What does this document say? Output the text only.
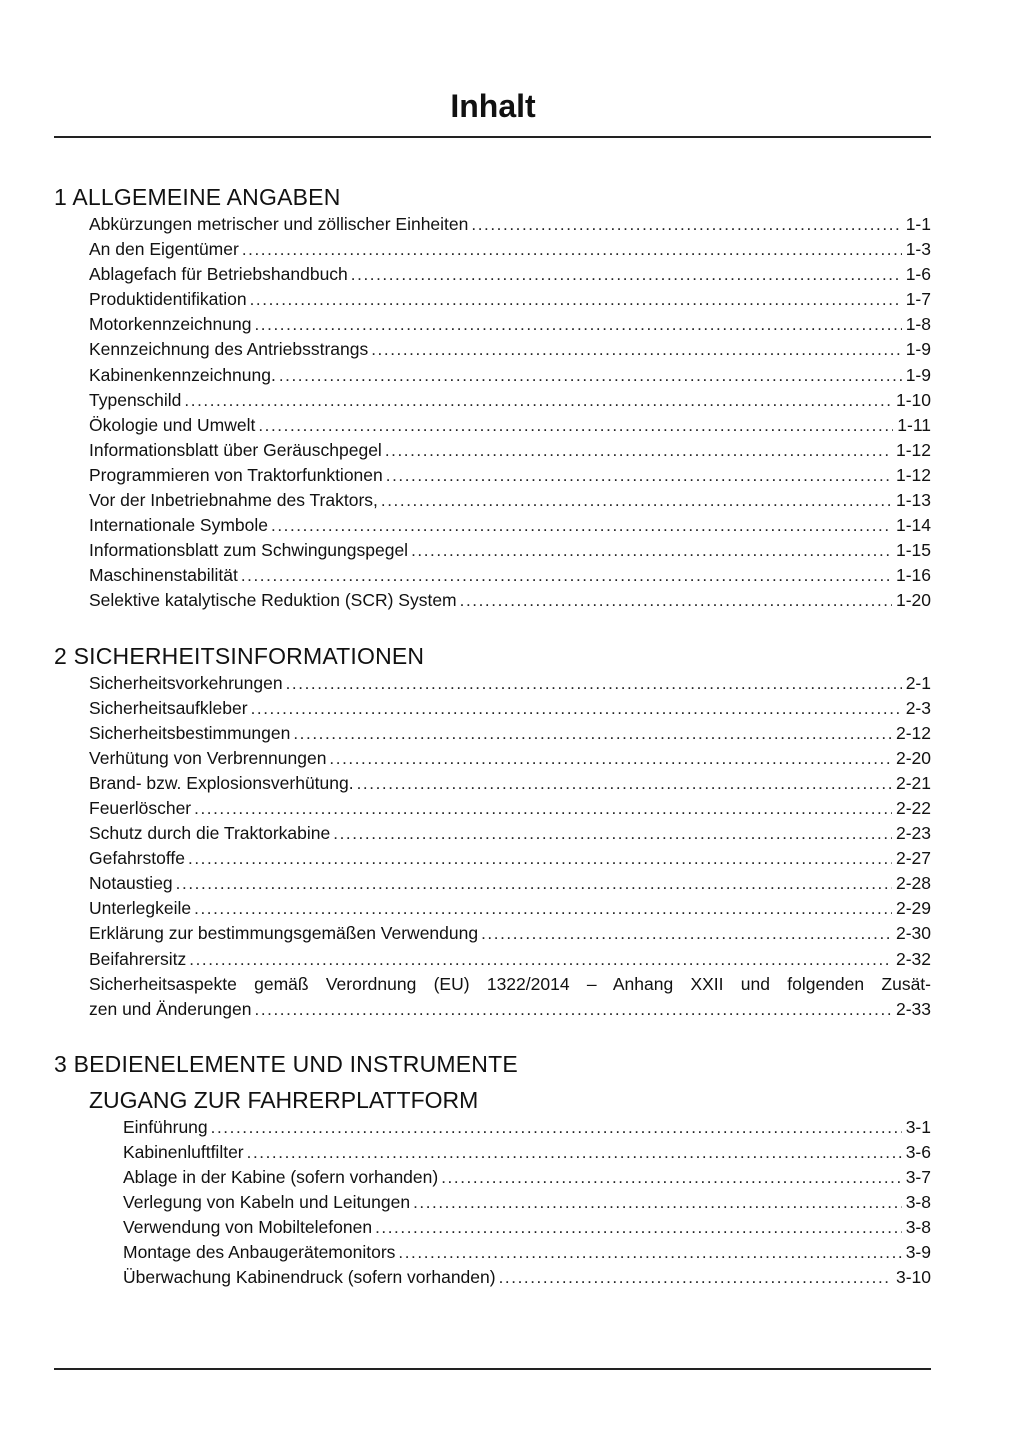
Inhalt
1 ALLGEMEINE ANGABEN
Abkürzungen metrischer und zöllischer Einheiten .....	1-1
An den Eigentümer .....	1-3
Ablagefach für Betriebshandbuch .....	1-6
Produktidentifikation .....	1-7
Motorkennzeichnung .....	1-8
Kennzeichnung des Antriebsstrangs .....	1-9
Kabinenkennzeichnung. .....	1-9
Typenschild .....	1-10
Ökologie und Umwelt .....	1-11
Informationsblatt über Geräuschpegel .....	1-12
Programmieren von Traktorfunktionen .....	1-12
Vor der Inbetriebnahme des Traktors, .....	1-13
Internationale Symbole .....	1-14
Informationsblatt zum Schwingungspegel .....	1-15
Maschinenstabilität .....	1-16
Selektive katalytische Reduktion (SCR) System .....	1-20
2 SICHERHEITSINFORMATIONEN
Sicherheitsvorkehrungen .....	2-1
Sicherheitsaufkleber .....	2-3
Sicherheitsbestimmungen .....	2-12
Verhütung von Verbrennungen .....	2-20
Brand- bzw. Explosionsverhütung. .....	2-21
Feuerlöscher .....	2-22
Schutz durch die Traktorkabine .....	2-23
Gefahrstoffe .....	2-27
Notaustieg .....	2-28
Unterlegkeile .....	2-29
Erklärung zur bestimmungsgemäßen Verwendung .....	2-30
Beifahrersitz .....	2-32
Sicherheitsaspekte gemäß Verordnung (EU) 1322/2014 – Anhang XXII und folgenden Zusät-
zen und Änderungen .....	2-33
3 BEDIENELEMENTE UND INSTRUMENTE
ZUGANG ZUR FAHRERPLATTFORM
Einführung .....	3-1
Kabinenluftfilter .....	3-6
Ablage in der Kabine (sofern vorhanden) .....	3-7
Verlegung von Kabeln und Leitungen .....	3-8
Verwendung von Mobiltelefonen .....	3-8
Montage des Anbaugerätemonitors .....	3-9
Überwachung Kabinendruck (sofern vorhanden) .....	3-10
